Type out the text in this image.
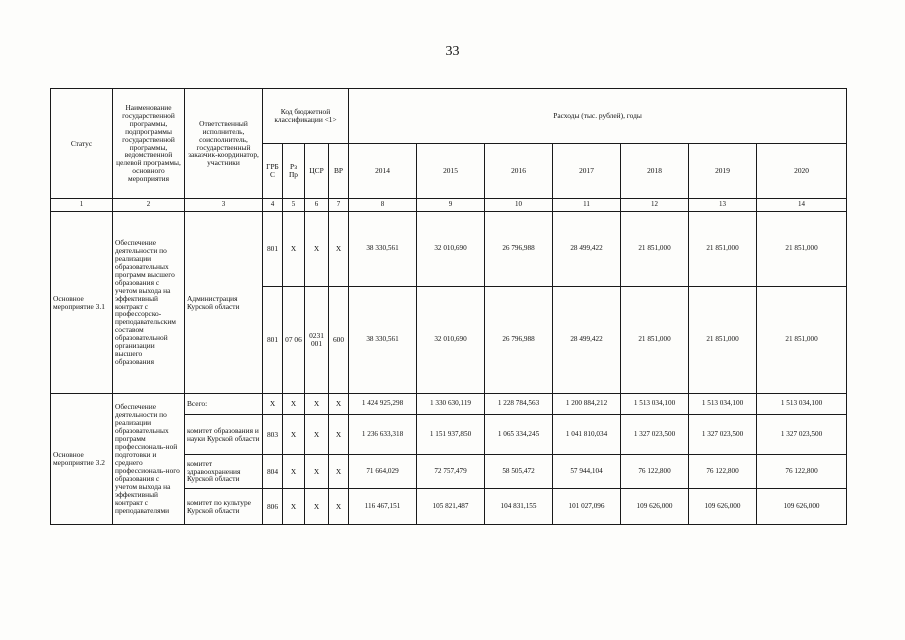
33
Статус	Наименование государственной программы, подпрограммы государственной программы, ведомственной целевой программы, основного мероприятия	Ответственный исполнитель, соисполнитель, государственный заказчик-координатор, участники	Код бюджетной классификации <1>				Расходы (тыс. рублей), годы						
			ГРБ С	Рз Пр	ЦСР	ВР	2014	2015	2016	2017	2018	2019	2020
1	2	3	4	5	6	7	8	9	10	11	12	13	14
Основное мероприятие 3.1	Обеспечение деятельности по реализации образовательных программ высшего образования с учетом выхода на эффективный контракт с профессорско-преподавательским составом образовательной организации высшего образования	Администрация Курской области	801	X	X	X	38 330,561	32 010,690	26 796,988	28 499,422	21 851,000	21 851,000	21 851,000
			801	07 06	0231 001	600	38 330,561	32 010,690	26 796,988	28 499,422	21 851,000	21 851,000	21 851,000
Основное мероприятие 3.2	Обеспечение деятельности по реализации образовательных программ профессиональ-ной подготовки и среднего профессиональ-ного образования с учетом выхода на эффективный контракт с преподавателями	Всего:	X	X	X	X	1 424 925,298	1 330 630,119	1 228 784,563	1 200 884,212	1 513 034,100	1 513 034,100	1 513 034,100
		комитет образования и науки Курской области	803	X	X	X	1 236 633,318	1 151 937,850	1 065 334,245	1 041 810,034	1 327 023,500	1 327 023,500	1 327 023,500
		комитет здравоохранения Курской области	804	X	X	X	71 664,029	72 757,479	58 505,472	57 944,104	76 122,800	76 122,800	76 122,800
		комитет по культуре Курской области	806	X	X	X	116 467,151	105 821,487	104 831,155	101 027,096	109 626,000	109 626,000	109 626,000
